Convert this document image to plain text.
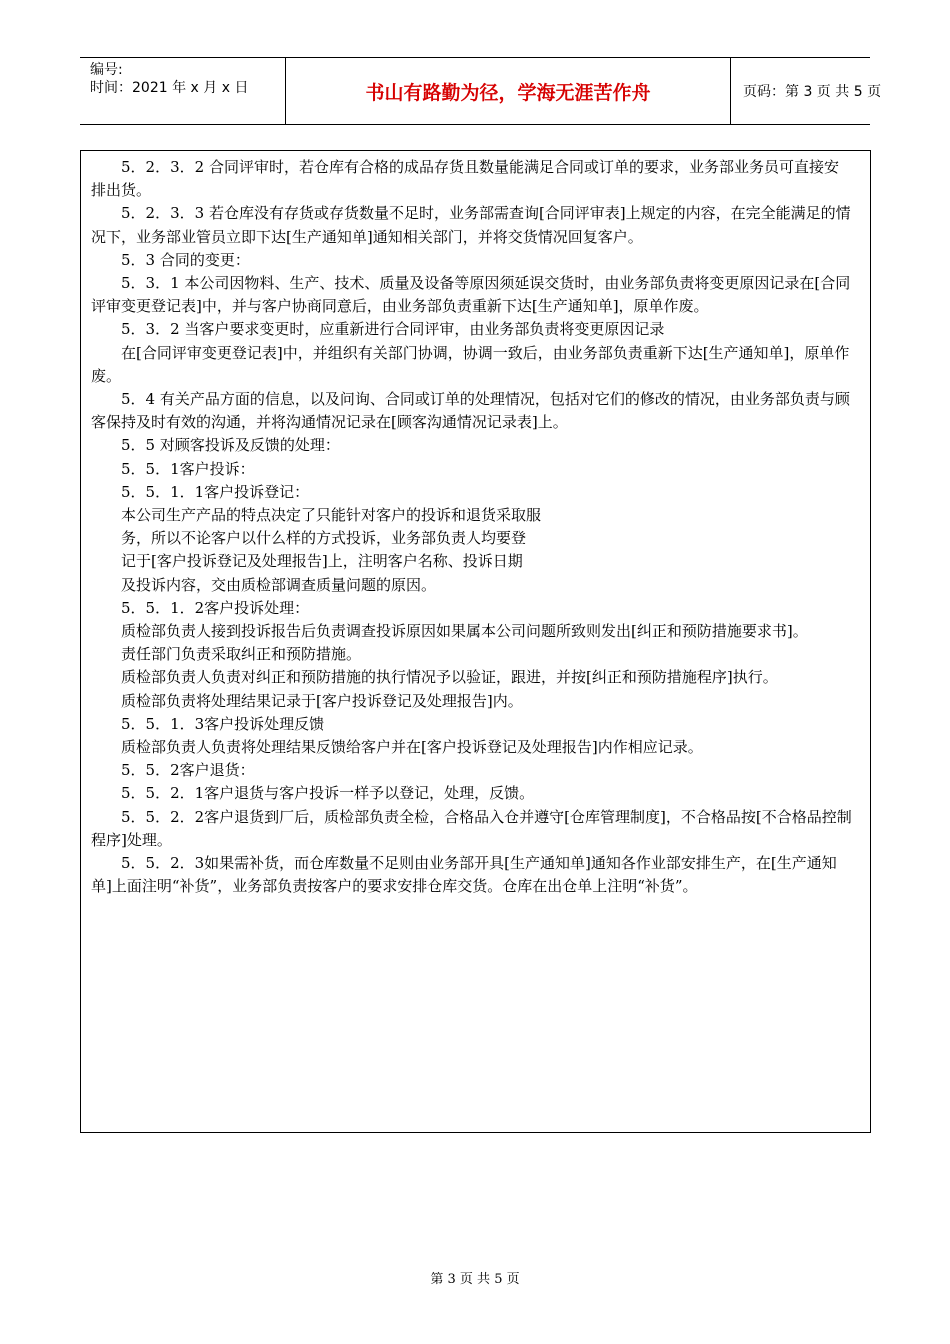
编号:
时间：2021 年 x 月 x 日	书山有路勤为径，学海无涯苦作舟	页码：第 3 页 共 5 页

5．2．3．2 合同评审时，若仓库有合格的成品存货且数量能满足合同或订单的要求，业务部业务员可直接安排出货。

5．2．3．3 若仓库没有存货或存货数量不足时，业务部需查询[合同评审表]上规定的内容，在完全能满足的情况下，业务部业管员立即下达[生产通知单]通知相关部门，并将交货情况回复客户。

5．3 合同的变更：

5．3．1 本公司因物料、生产、技术、质量及设备等原因须延误交货时，由业务部负责将变更原因记录在[合同评审变更登记表]中，并与客户协商同意后，由业务部负责重新下达[生产通知单]，原单作废。

5．3．2 当客户要求变更时，应重新进行合同评审，由业务部负责将变更原因记录

在[合同评审变更登记表]中，并组织有关部门协调，协调一致后，由业务部负责重新下达[生产通知单]，原单作废。

5．4 有关产品方面的信息，以及问询、合同或订单的处理情况，包括对它们的修改的情况，由业务部负责与顾客保持及时有效的沟通，并将沟通情况记录在[顾客沟通情况记录表]上。

5．5 对顾客投诉及反馈的处理：

5．5．1客户投诉：

5．5．1．1客户投诉登记：

本公司生产产品的特点决定了只能针对客户的投诉和退货采取服

务，所以不论客户以什么样的方式投诉，业务部负责人均要登

记于[客户投诉登记及处理报告]上，注明客户名称、投诉日期

及投诉内容，交由质检部调查质量问题的原因。

5．5．1．2客户投诉处理：

质检部负责人接到投诉报告后负责调查投诉原因如果属本公司问题所致则发出[纠正和预防措施要求书]。

责任部门负责采取纠正和预防措施。

质检部负责人负责对纠正和预防措施的执行情况予以验证，跟进，并按[纠正和预防措施程序]执行。

质检部负责将处理结果记录于[客户投诉登记及处理报告]内。

5．5．1．3客户投诉处理反馈

质检部负责人负责将处理结果反馈给客户并在[客户投诉登记及处理报告]内作相应记录。

5．5．2客户退货：

5．5．2．1客户退货与客户投诉一样予以登记，处理，反馈。

5．5．2．2客户退货到厂后，质检部负责全检，合格品入仓并遵守[仓库管理制度]，不合格品按[不合格品控制程序]处理。

5．5．2．3如果需补货，而仓库数量不足则由业务部开具[生产通知单]通知各作业部安排生产，在[生产通知单]上面注明“补货”，业务部负责按客户的要求安排仓库交货。仓库在出仓单上注明“补货”。

第 3 页 共 5 页
